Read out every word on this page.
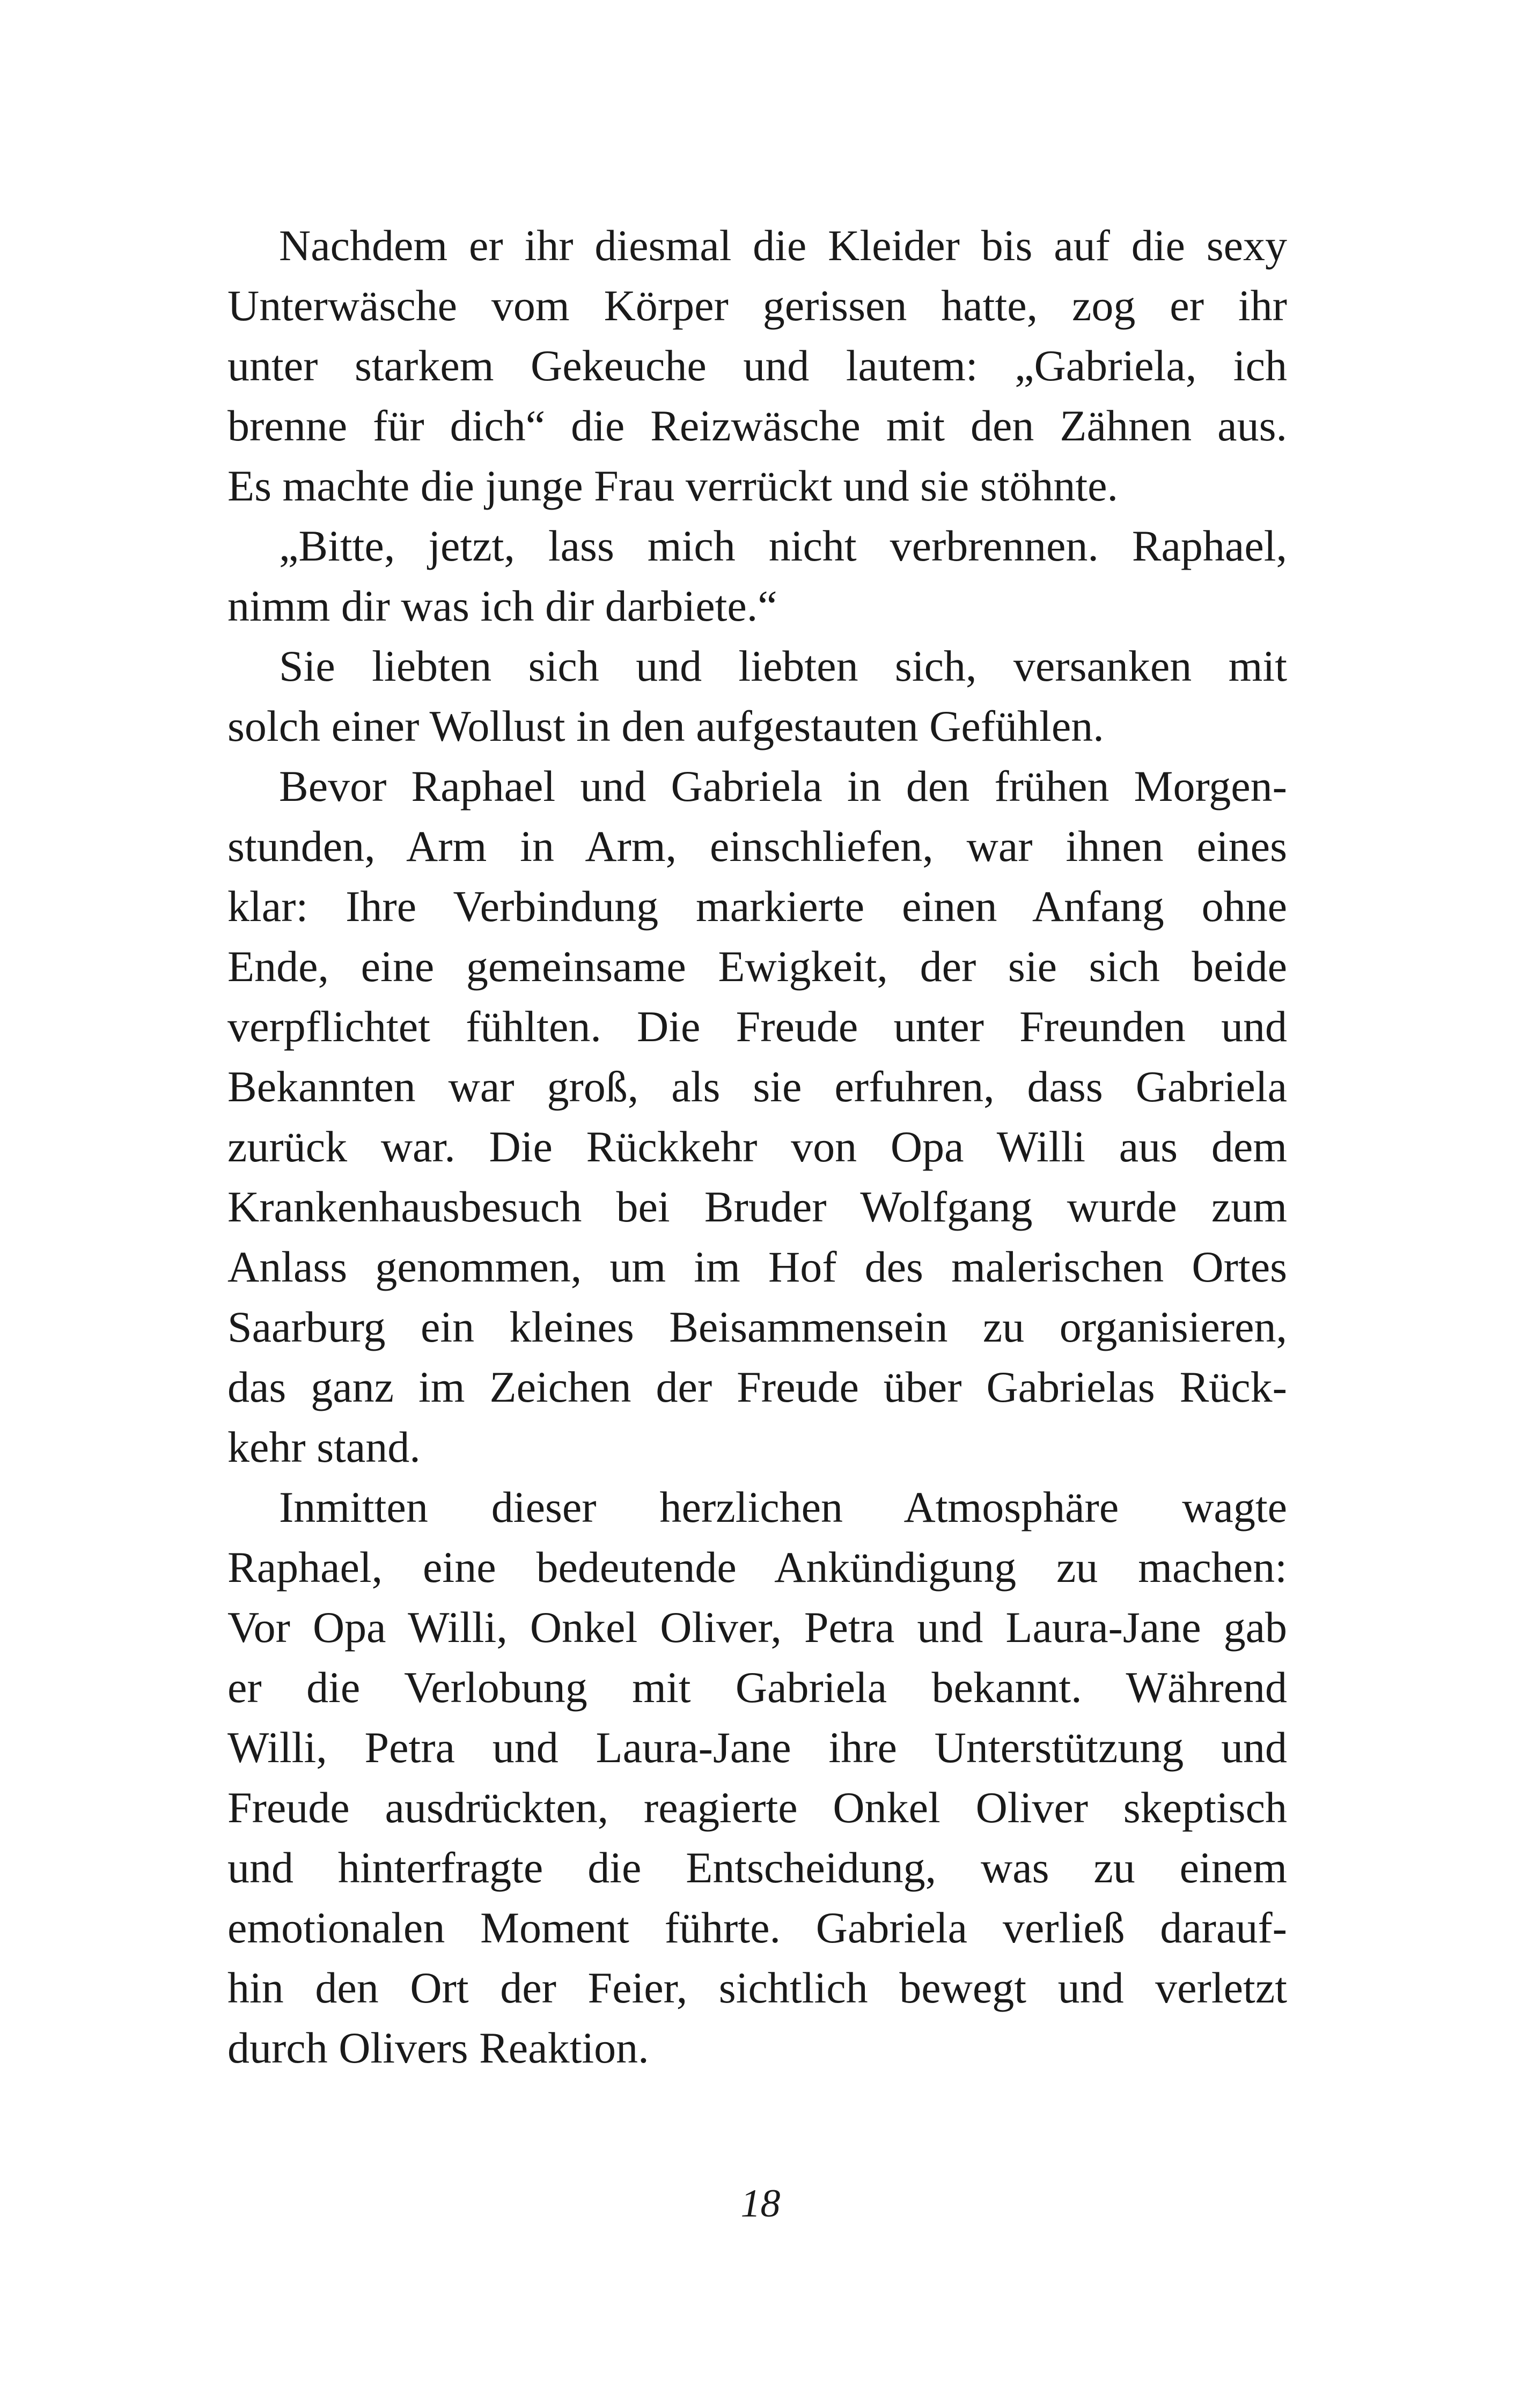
Nachdem er ihr diesmal die Kleider bis auf die sexy
Unterwäsche vom Körper gerissen hatte, zog er ihr
unter starkem Gekeuche und lautem: „Gabriela, ich
brenne für dich“ die Reizwäsche mit den Zähnen aus.
Es machte die junge Frau verrückt und sie stöhnte.
„Bitte, jetzt, lass mich nicht verbrennen. Raphael,
nimm dir was ich dir darbiete.“
Sie liebten sich und liebten sich, versanken mit
solch einer Wollust in den aufgestauten Gefühlen.
Bevor Raphael und Gabriela in den frühen Morgen-
stunden, Arm in Arm, einschliefen, war ihnen eines
klar: Ihre Verbindung markierte einen Anfang ohne
Ende, eine gemeinsame Ewigkeit, der sie sich beide
verpflichtet fühlten. Die Freude unter Freunden und
Bekannten war groß, als sie erfuhren, dass Gabriela
zurück war. Die Rückkehr von Opa Willi aus dem
Krankenhausbesuch bei Bruder Wolfgang wurde zum
Anlass genommen, um im Hof des malerischen Ortes
Saarburg ein kleines Beisammensein zu organisieren,
das ganz im Zeichen der Freude über Gabrielas Rück-
kehr stand.
Inmitten dieser herzlichen Atmosphäre wagte
Raphael, eine bedeutende Ankündigung zu machen:
Vor Opa Willi, Onkel Oliver, Petra und Laura-Jane gab
er die Verlobung mit Gabriela bekannt. Während
Willi, Petra und Laura-Jane ihre Unterstützung und
Freude ausdrückten, reagierte Onkel Oliver skeptisch
und hinterfragte die Entscheidung, was zu einem
emotionalen Moment führte. Gabriela verließ darauf-
hin den Ort der Feier, sichtlich bewegt und verletzt
durch Olivers Reaktion.
18
